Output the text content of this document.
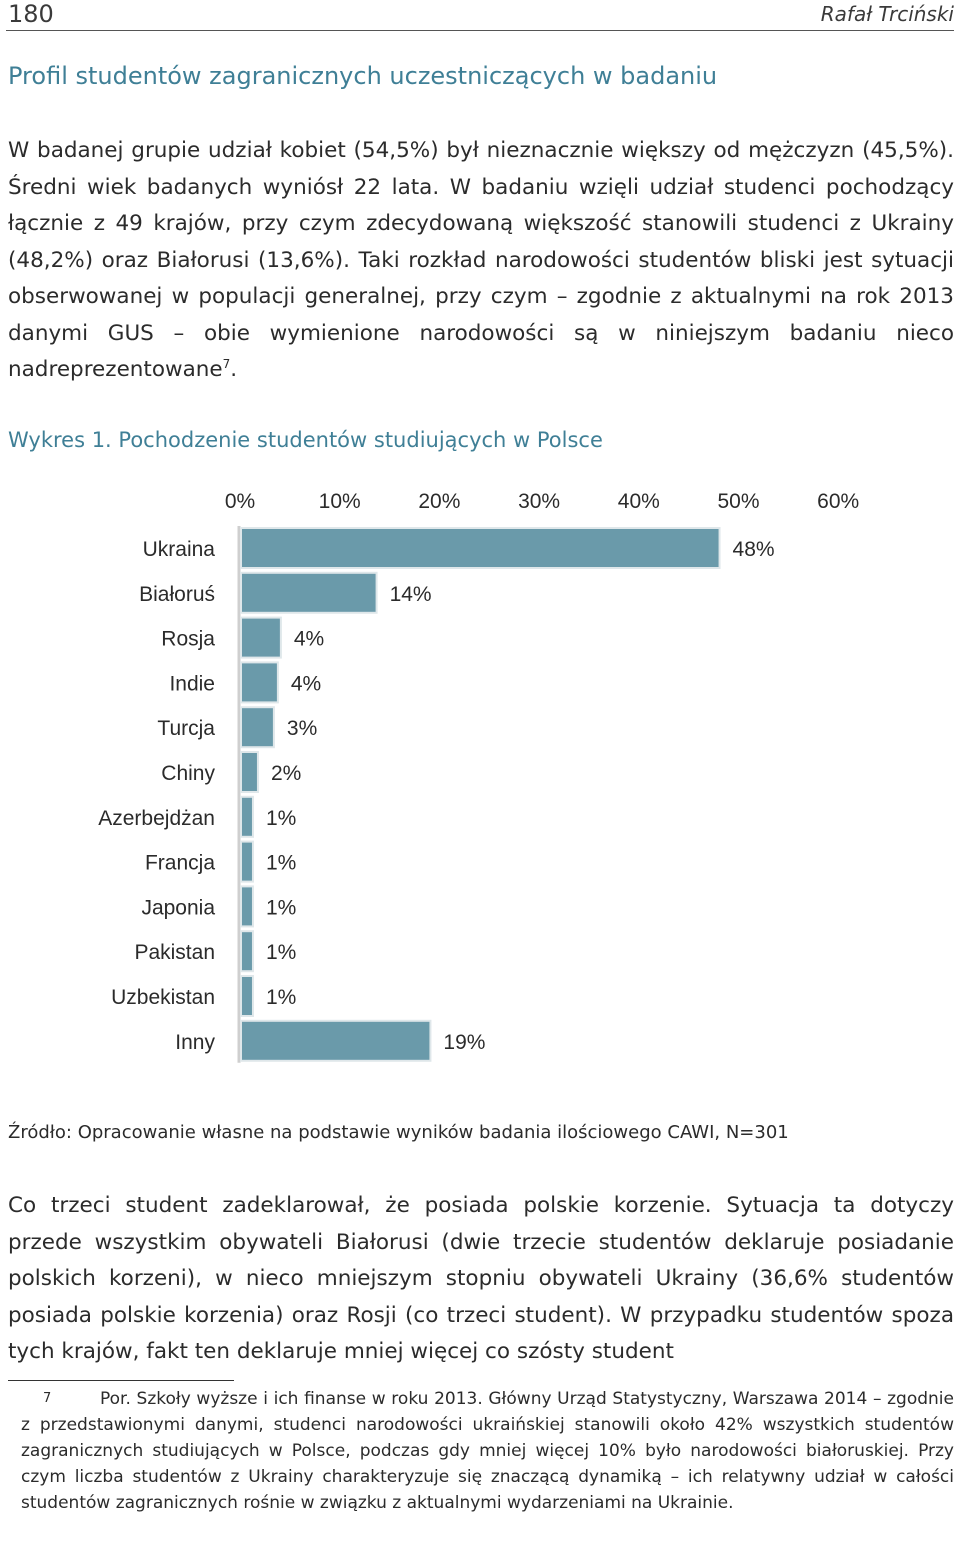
180	Rafał Trciński
Profil studentów zagranicznych uczestniczących w badaniu

W badanej grupie udział kobiet (54,5%) był nieznacznie większy od mężczyzn (45,5%). Średni wiek badanych wyniósł 22 lata. W badaniu wzięli udział studenci pochodzący łącznie z 49 krajów, przy czym zdecydowaną większość stanowili studenci z Ukrainy (48,2%) oraz Białorusi (13,6%). Taki rozkład narodowości studentów bliski jest sytuacji obserwowanej w populacji generalnej, przy czym – zgodnie z aktualnymi na rok 2013 danymi GUS – obie wymienione narodowości są w niniejszym badaniu nieco nadreprezentowane$^7$.

Wykres 1. Pochodzenie studentów studiujących w Polsce
0%	10%	20%	30%	40%	50%	60%
Ukraina
Białoruś
Rosja
Indie
Turcja
Chiny
Azerbejdżan
Francja
Japonia
Pakistan
Uzbekistan
Inny
48%
14%
4%
4%
3%
2%
1%
1%
1%
1%
1%
19%

Źródło: Opracowanie własne na podstawie wyników badania ilościowego CAWI, N=301

Co trzeci student zadeklarował, że posiada polskie korzenie. Sytuacja ta dotyczy przede wszystkim obywateli Białorusi (dwie trzecie studentów deklaruje posiadanie polskich korzeni), w nieco mniejszym stopniu obywateli Ukrainy (36,6% studentów posiada polskie korzenia) oraz Rosji (co trzeci student). W przypadku studentów spoza tych krajów, fakt ten deklaruje mniej więcej co szósty student

7	Por. Szkoły wyższe i ich finanse w roku 2013. Główny Urząd Statystyczny, Warszawa 2014 – zgodnie z przedstawionymi danymi, studenci narodowości ukraińskiej stanowili około 42% wszystkich studentów zagranicznych studiujących w Polsce, podczas gdy mniej więcej 10% było narodowości białoruskiej. Przy czym liczba studentów z Ukrainy charakteryzuje się znaczącą dynamiką – ich relatywny udział w całości studentów zagranicznych rośnie w związku z aktualnymi wydarzeniami na Ukrainie.
